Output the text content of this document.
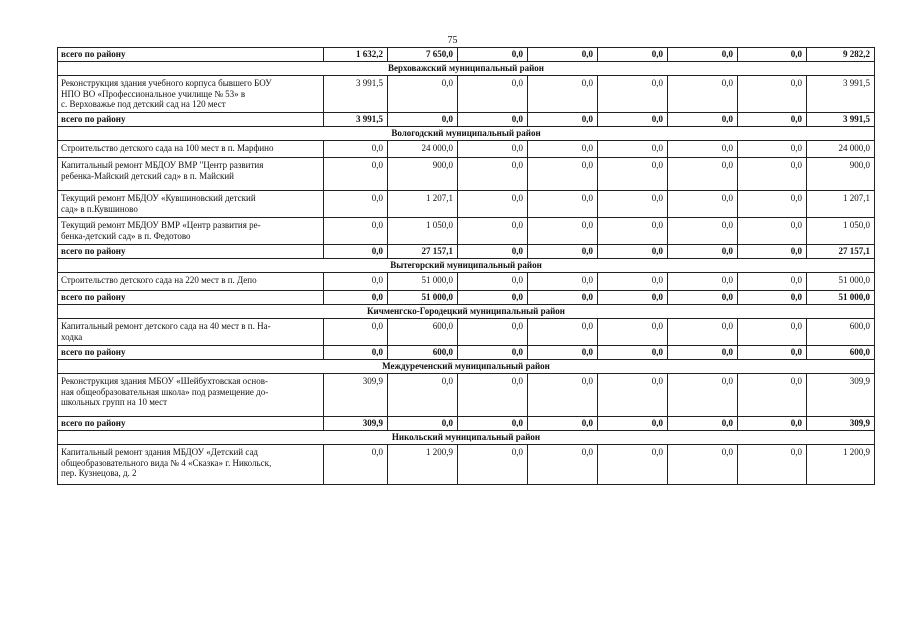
75
всего по району	1 632,2	7 650,0	0,0	0,0	0,0	0,0	0,0	9 282,2
Верховажский муниципальный район								
Реконструкция здания учебного корпуса бывшего БОУ
НПО ВО «Профессиональное училище № 53» в
с. Верховажье под детский сад на 120 мест	3 991,5	0,0	0,0	0,0	0,0	0,0	0,0	3 991,5
всего по району	3 991,5	0,0	0,0	0,0	0,0	0,0	0,0	3 991,5
Вологодский муниципальный район								
Строительство детского сада на 100 мест в п. Марфино	0,0	24 000,0	0,0	0,0	0,0	0,0	0,0	24 000,0
Капитальный ремонт МБДОУ ВМР "Центр развития
ребенка-Майский детский сад» в п. Майский	0,0	900,0	0,0	0,0	0,0	0,0	0,0	900,0
Текущий ремонт МБДОУ «Кувшиновский детский
сад» в п.Кувшиново	0,0	1 207,1	0,0	0,0	0,0	0,0	0,0	1 207,1
Текущий ремонт МБДОУ ВМР «Центр развития ре-
бенка-детский сад» в п. Федотово	0,0	1 050,0	0,0	0,0	0,0	0,0	0,0	1 050,0
всего по району	0,0	27 157,1	0,0	0,0	0,0	0,0	0,0	27 157,1
Вытегорский муниципальный район								
Строительство детского сада на 220 мест в п. Депо	0,0	51 000,0	0,0	0,0	0,0	0,0	0,0	51 000,0
всего по району	0,0	51 000,0	0,0	0,0	0,0	0,0	0,0	51 000,0
Кичменгско-Городецкий муниципальный район								
Капитальный ремонт детского сада на 40 мест в п. На-
ходка	0,0	600,0	0,0	0,0	0,0	0,0	0,0	600,0
всего по району	0,0	600,0	0,0	0,0	0,0	0,0	0,0	600,0
Междуреченский муниципальный район								
Реконструкция здания МБОУ «Шейбухтовская основ-
ная общеобразовательная школа» под размещение до-
школьных групп на 10 мест	309,9	0,0	0,0	0,0	0,0	0,0	0,0	309,9
всего по району	309,9	0,0	0,0	0,0	0,0	0,0	0,0	309,9
Никольский муниципальный район								
Капитальный ремонт здания МБДОУ «Детский сад
общеобразовательного вида № 4 «Сказка» г. Никольск,
пер. Кузнецова, д. 2	0,0	1 200,9	0,0	0,0	0,0	0,0	0,0	1 200,9
